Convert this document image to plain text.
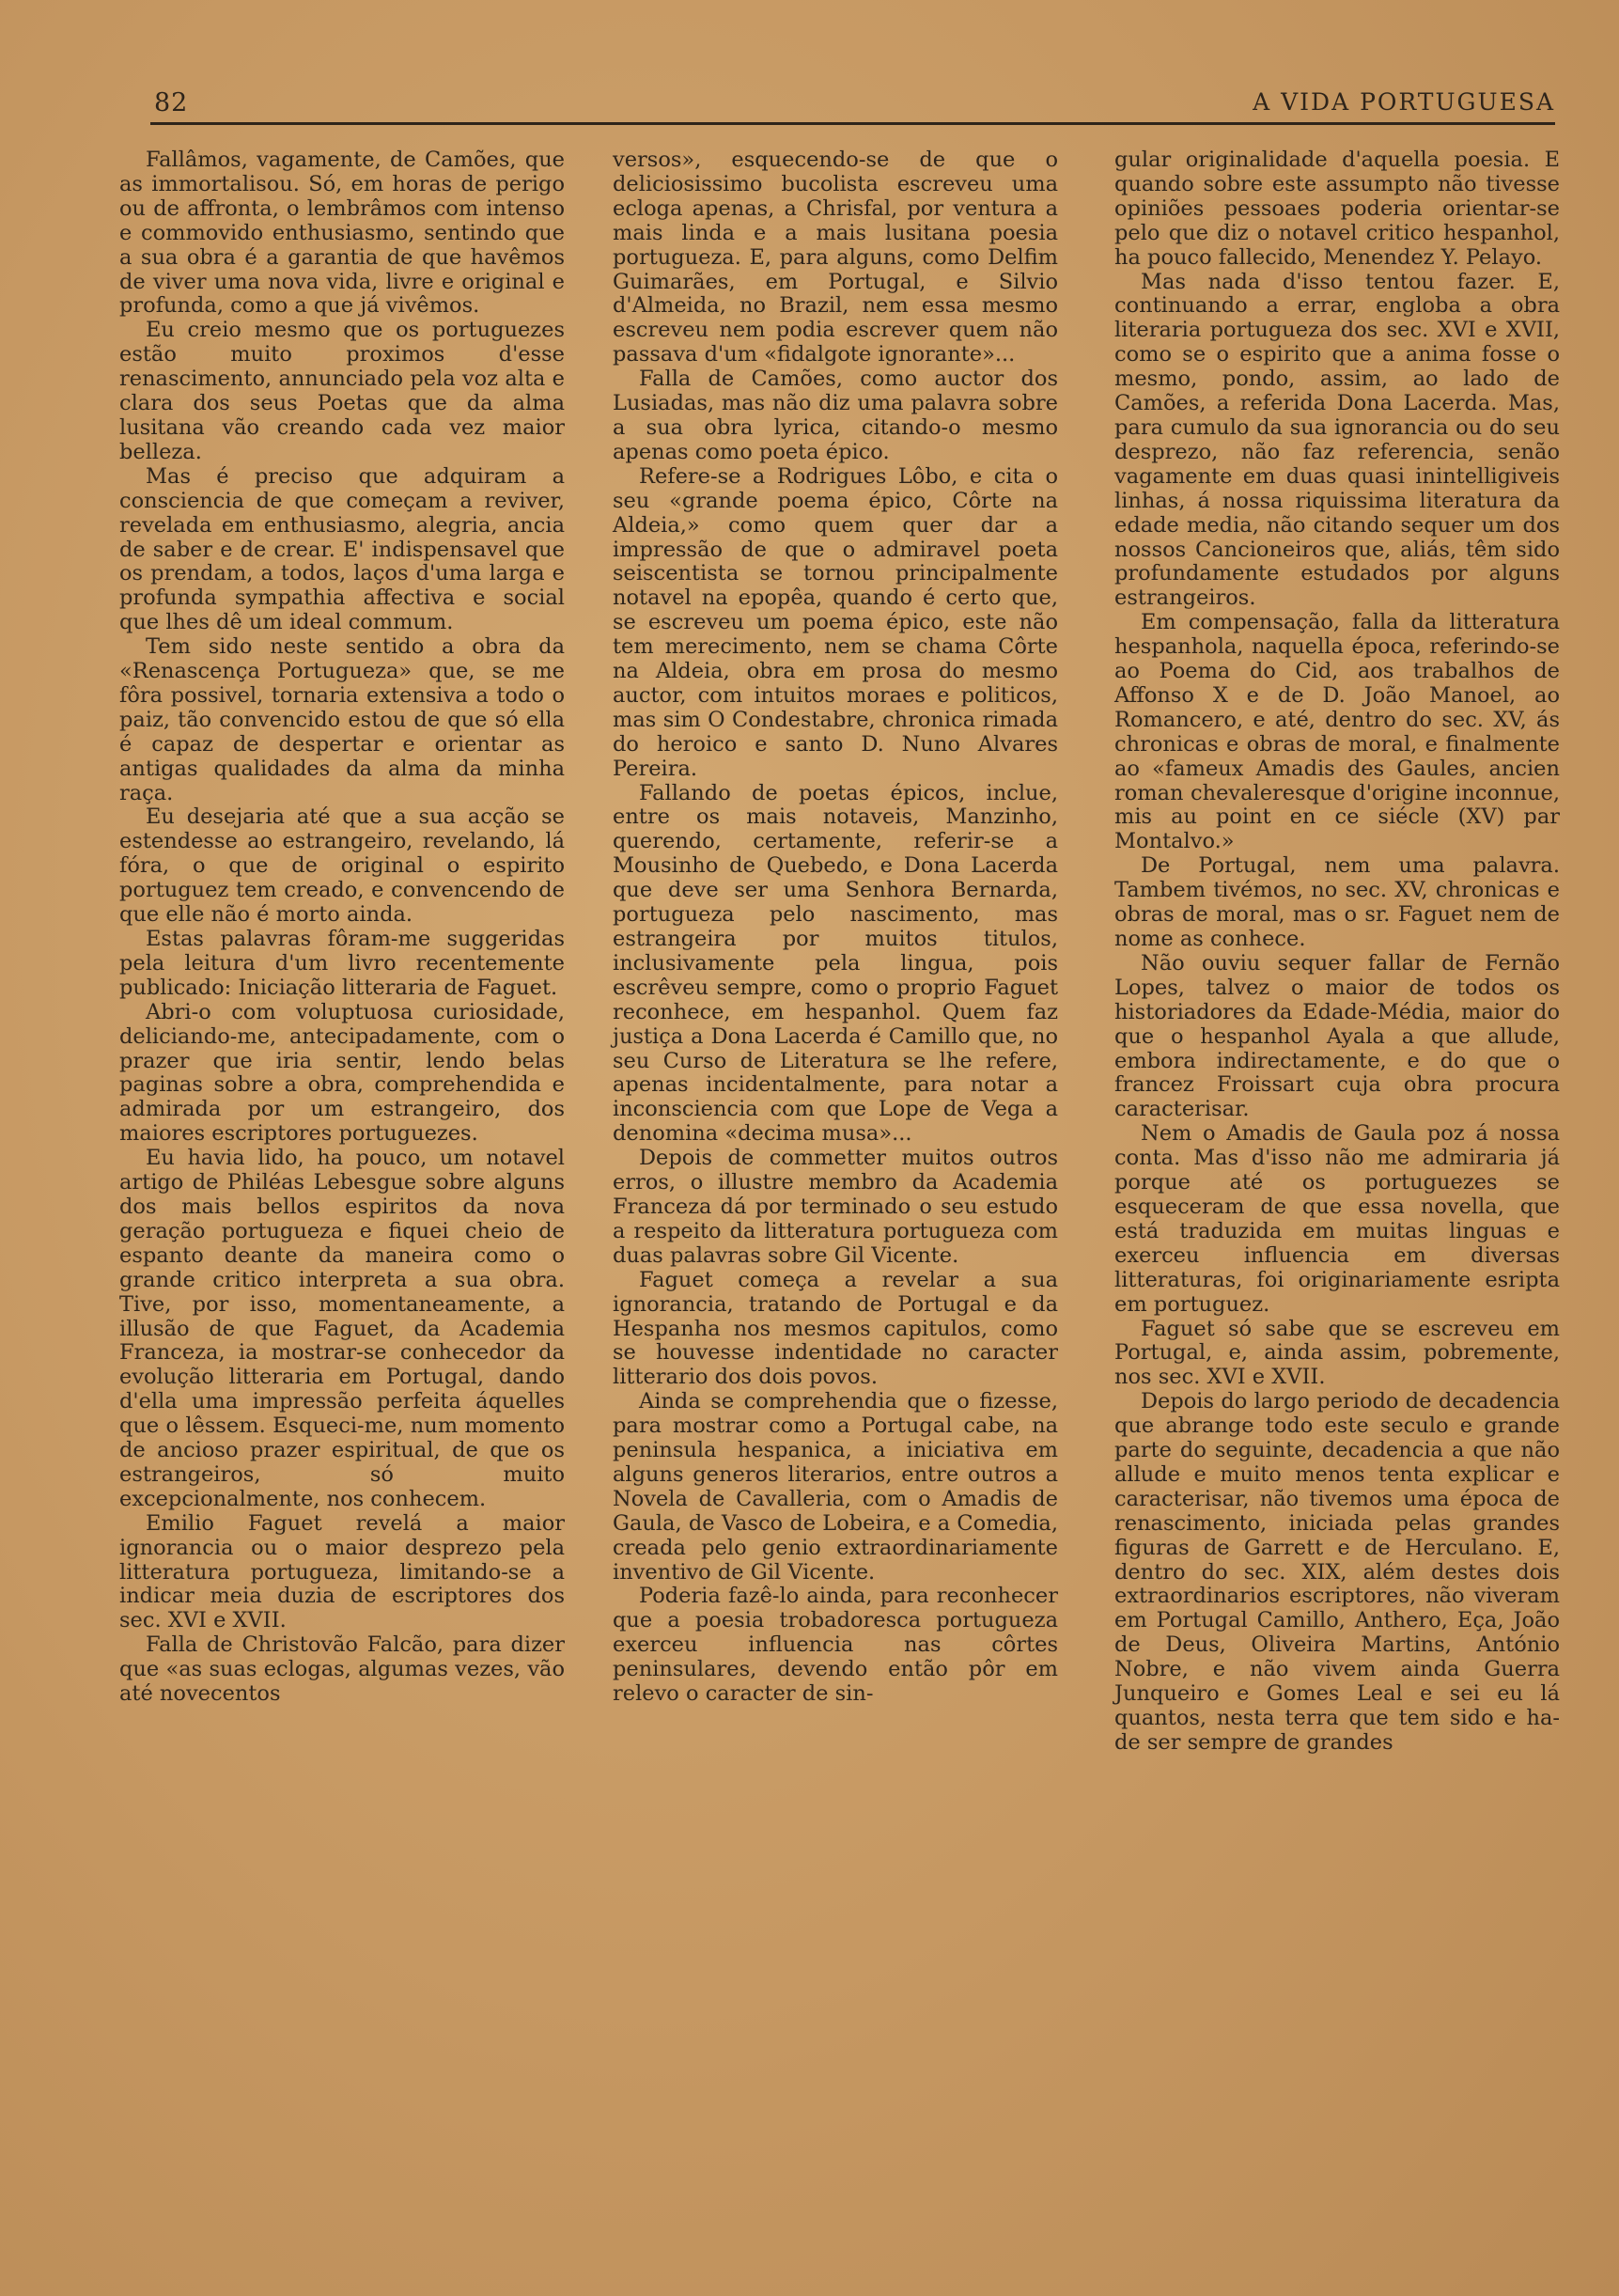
82	A VIDA PORTUGUESA

Fallâmos, vagamente, de Camões, que as immortalisou. Só, em horas de perigo ou de affronta, o lembrâmos com intenso e commovido enthusiasmo, sentindo que a sua obra é a garantia de que havêmos de viver uma nova vida, livre e original e profunda, como a que já vivêmos.

Eu creio mesmo que os portuguezes estão muito proximos d'esse renascimento, annunciado pela voz alta e clara dos seus Poetas que da alma lusitana vão creando cada vez maior belleza.

Mas é preciso que adquiram a consciencia de que começam a reviver, revelada em enthusiasmo, alegria, ancia de saber e de crear. E' indispensavel que os prendam, a todos, laços d'uma larga e profunda sympathia affectiva e social que lhes dê um ideal commum.

Tem sido neste sentido a obra da «Renascença Portugueza» que, se me fôra possivel, tornaria extensiva a todo o paiz, tão convencido estou de que só ella é capaz de despertar e orientar as antigas qualidades da alma da minha raça.

Eu desejaria até que a sua acção se estendesse ao estrangeiro, revelando, lá fóra, o que de original o espirito portuguez tem creado, e convencendo de que elle não é morto ainda.

Estas palavras fôram-me suggeridas pela leitura d'um livro recentemente publicado: Iniciação litteraria de Faguet.

Abri-o com voluptuosa curiosidade, deliciando-me, antecipadamente, com o prazer que iria sentir, lendo belas paginas sobre a obra, comprehendida e admirada por um estrangeiro, dos maiores escriptores portuguezes.

Eu havia lido, ha pouco, um notavel artigo de Philéas Lebesgue sobre alguns dos mais bellos espiritos da nova geração portugueza e fiquei cheio de espanto deante da maneira como o grande critico interpreta a sua obra. Tive, por isso, momentaneamente, a illusão de que Faguet, da Academia Franceza, ia mostrar-se conhecedor da evolução litteraria em Portugal, dando d'ella uma impressão perfeita áquelles que o lêssem. Esqueci-me, num momento de ancioso prazer espiritual, de que os estrangeiros, só muito excepcionalmente, nos conhecem.

Emilio Faguet revelá a maior ignorancia ou o maior desprezo pela litteratura portugueza, limitando-se a indicar meia duzia de escriptores dos sec. XVI e XVII.

Falla de Christovão Falcão, para dizer que «as suas eclogas, algumas vezes, vão até novecentos

versos», esquecendo-se de que o deliciosissimo bucolista escreveu uma ecloga apenas, a Chrisfal, por ventura a mais linda e a mais lusitana poesia portugueza. E, para alguns, como Delfim Guimarães, em Portugal, e Silvio d'Almeida, no Brazil, nem essa mesmo escreveu nem podia escrever quem não passava d'um «fidalgote ignorante»...

Falla de Camões, como auctor dos Lusiadas, mas não diz uma palavra sobre a sua obra lyrica, citando-o mesmo apenas como poeta épico.

Refere-se a Rodrigues Lôbo, e cita o seu «grande poema épico, Côrte na Aldeia,» como quem quer dar a impressão de que o admiravel poeta seiscentista se tornou principalmente notavel na epopêa, quando é certo que, se escreveu um poema épico, este não tem merecimento, nem se chama Côrte na Aldeia, obra em prosa do mesmo auctor, com intuitos moraes e politicos, mas sim O Condestabre, chronica rimada do heroico e santo D. Nuno Alvares Pereira.

Fallando de poetas épicos, inclue, entre os mais notaveis, Manzinho, querendo, certamente, referir-se a Mousinho de Quebedo, e Dona Lacerda que deve ser uma Senhora Bernarda, portugueza pelo nascimento, mas estrangeira por muitos titulos, inclusivamente pela lingua, pois escrêveu sempre, como o proprio Faguet reconhece, em hespanhol. Quem faz justiça a Dona Lacerda é Camillo que, no seu Curso de Literatura se lhe refere, apenas incidentalmente, para notar a inconsciencia com que Lope de Vega a denomina «decima musa»...

Depois de commetter muitos outros erros, o illustre membro da Academia Franceza dá por terminado o seu estudo a respeito da litteratura portugueza com duas palavras sobre Gil Vicente.

Faguet começa a revelar a sua ignorancia, tratando de Portugal e da Hespanha nos mesmos capitulos, como se houvesse indentidade no caracter litterario dos dois povos.

Ainda se comprehendia que o fizesse, para mostrar como a Portugal cabe, na peninsula hespanica, a iniciativa em alguns generos literarios, entre outros a Novela de Cavalleria, com o Amadis de Gaula, de Vasco de Lobeira, e a Comedia, creada pelo genio extraordinariamente inventivo de Gil Vicente.

Poderia fazê-lo ainda, para reconhecer que a poesia trobadoresca portugueza exerceu influencia nas côrtes peninsulares, devendo então pôr em relevo o caracter de sin-

gular originalidade d'aquella poesia. E quando sobre este assumpto não tivesse opiniões pessoaes poderia orientar-se pelo que diz o notavel critico hespanhol, ha pouco fallecido, Menendez Y. Pelayo.

Mas nada d'isso tentou fazer. E, continuando a errar, engloba a obra literaria portugueza dos sec. XVI e XVII, como se o espirito que a anima fosse o mesmo, pondo, assim, ao lado de Camões, a referida Dona Lacerda. Mas, para cumulo da sua ignorancia ou do seu desprezo, não faz referencia, senão vagamente em duas quasi inintelligiveis linhas, á nossa riquissima literatura da edade media, não citando sequer um dos nossos Cancioneiros que, aliás, têm sido profundamente estudados por alguns estrangeiros.

Em compensação, falla da litteratura hespanhola, naquella época, referindo-se ao Poema do Cid, aos trabalhos de Affonso X e de D. João Manoel, ao Romancero, e até, dentro do sec. XV, ás chronicas e obras de moral, e finalmente ao «fameux Amadis des Gaules, ancien roman chevaleresque d'origine inconnue, mis au point en ce siécle (XV) par Montalvo.»

De Portugal, nem uma palavra. Tambem tivémos, no sec. XV, chronicas e obras de moral, mas o sr. Faguet nem de nome as conhece.

Não ouviu sequer fallar de Fernão Lopes, talvez o maior de todos os historiadores da Edade-Média, maior do que o hespanhol Ayala a que allude, embora indirectamente, e do que o francez Froissart cuja obra procura caracterisar.

Nem o Amadis de Gaula poz á nossa conta. Mas d'isso não me admiraria já porque até os portuguezes se esqueceram de que essa novella, que está traduzida em muitas linguas e exerceu influencia em diversas litteraturas, foi originariamente esripta em portuguez.

Faguet só sabe que se escreveu em Portugal, e, ainda assim, pobremente, nos sec. XVI e XVII.

Depois do largo periodo de decadencia que abrange todo este seculo e grande parte do seguinte, decadencia a que não allude e muito menos tenta explicar e caracterisar, não tivemos uma época de renascimento, iniciada pelas grandes figuras de Garrett e de Herculano. E, dentro do sec. XIX, além destes dois extraordinarios escriptores, não viveram em Portugal Camillo, Anthero, Eça, João de Deus, Oliveira Martins, António Nobre, e não vivem ainda Guerra Junqueiro e Gomes Leal e sei eu lá quantos, nesta terra que tem sido e ha-de ser sempre de grandes
